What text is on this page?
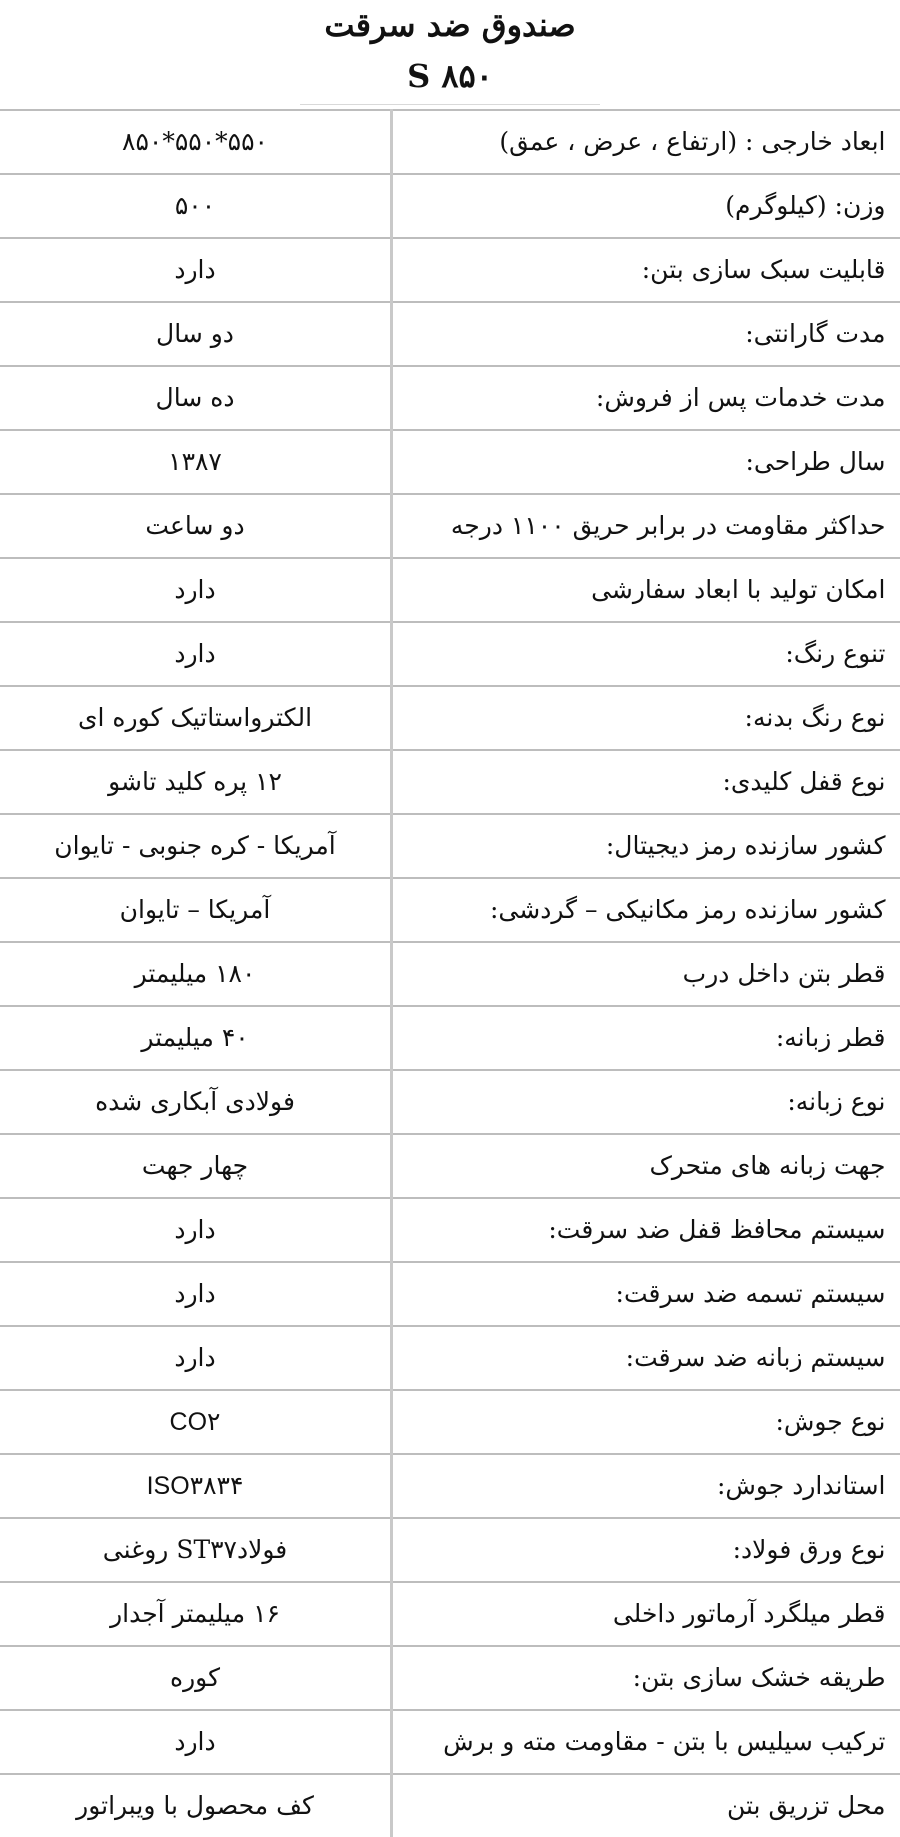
صندوق ضد سرقت
S ۸۵۰
ابعاد خارجی : (ارتفاع ، عرض ، عمق)	۵۵۰*۵۵۰*۸۵۰
وزن: (کیلوگرم)	۵۰۰
قابلیت سبک سازی بتن:	دارد
مدت گارانتی:	دو سال
مدت خدمات پس از فروش:	ده سال
سال طراحی:	۱۳۸۷
حداکثر مقاومت در برابر حریق ۱۱۰۰ درجه	دو ساعت
امکان تولید با ابعاد سفارشی	دارد
تنوع رنگ:	دارد
نوع رنگ بدنه:	الکترواستاتیک کوره ای
نوع قفل کلیدی:	۱۲ پره کلید تاشو
کشور سازنده رمز دیجیتال:	آمریکا - کره جنوبی - تایوان
کشور سازنده رمز مکانیکی – گردشی:	آمریکا – تایوان
قطر بتن داخل درب	۱۸۰ میلیمتر
قطر زبانه:	۴۰ میلیمتر
نوع زبانه:	فولادی آبکاری شده
جهت زبانه های متحرک	چهار جهت
سیستم محافظ قفل ضد سرقت:	دارد
سیستم تسمه ضد سرقت:	دارد
سیستم زبانه ضد سرقت:	دارد
نوع جوش:	CO۲
استاندارد جوش:	ISO۳۸۳۴
نوع ورق فولاد:	فولادST۳۷ روغنی
قطر میلگرد آرماتور داخلی	۱۶ میلیمتر آجدار
طریقه خشک سازی بتن:	کوره
ترکیب سیلیس با بتن - مقاومت مته و برش	دارد
محل تزریق بتن	کف محصول با ویبراتور
